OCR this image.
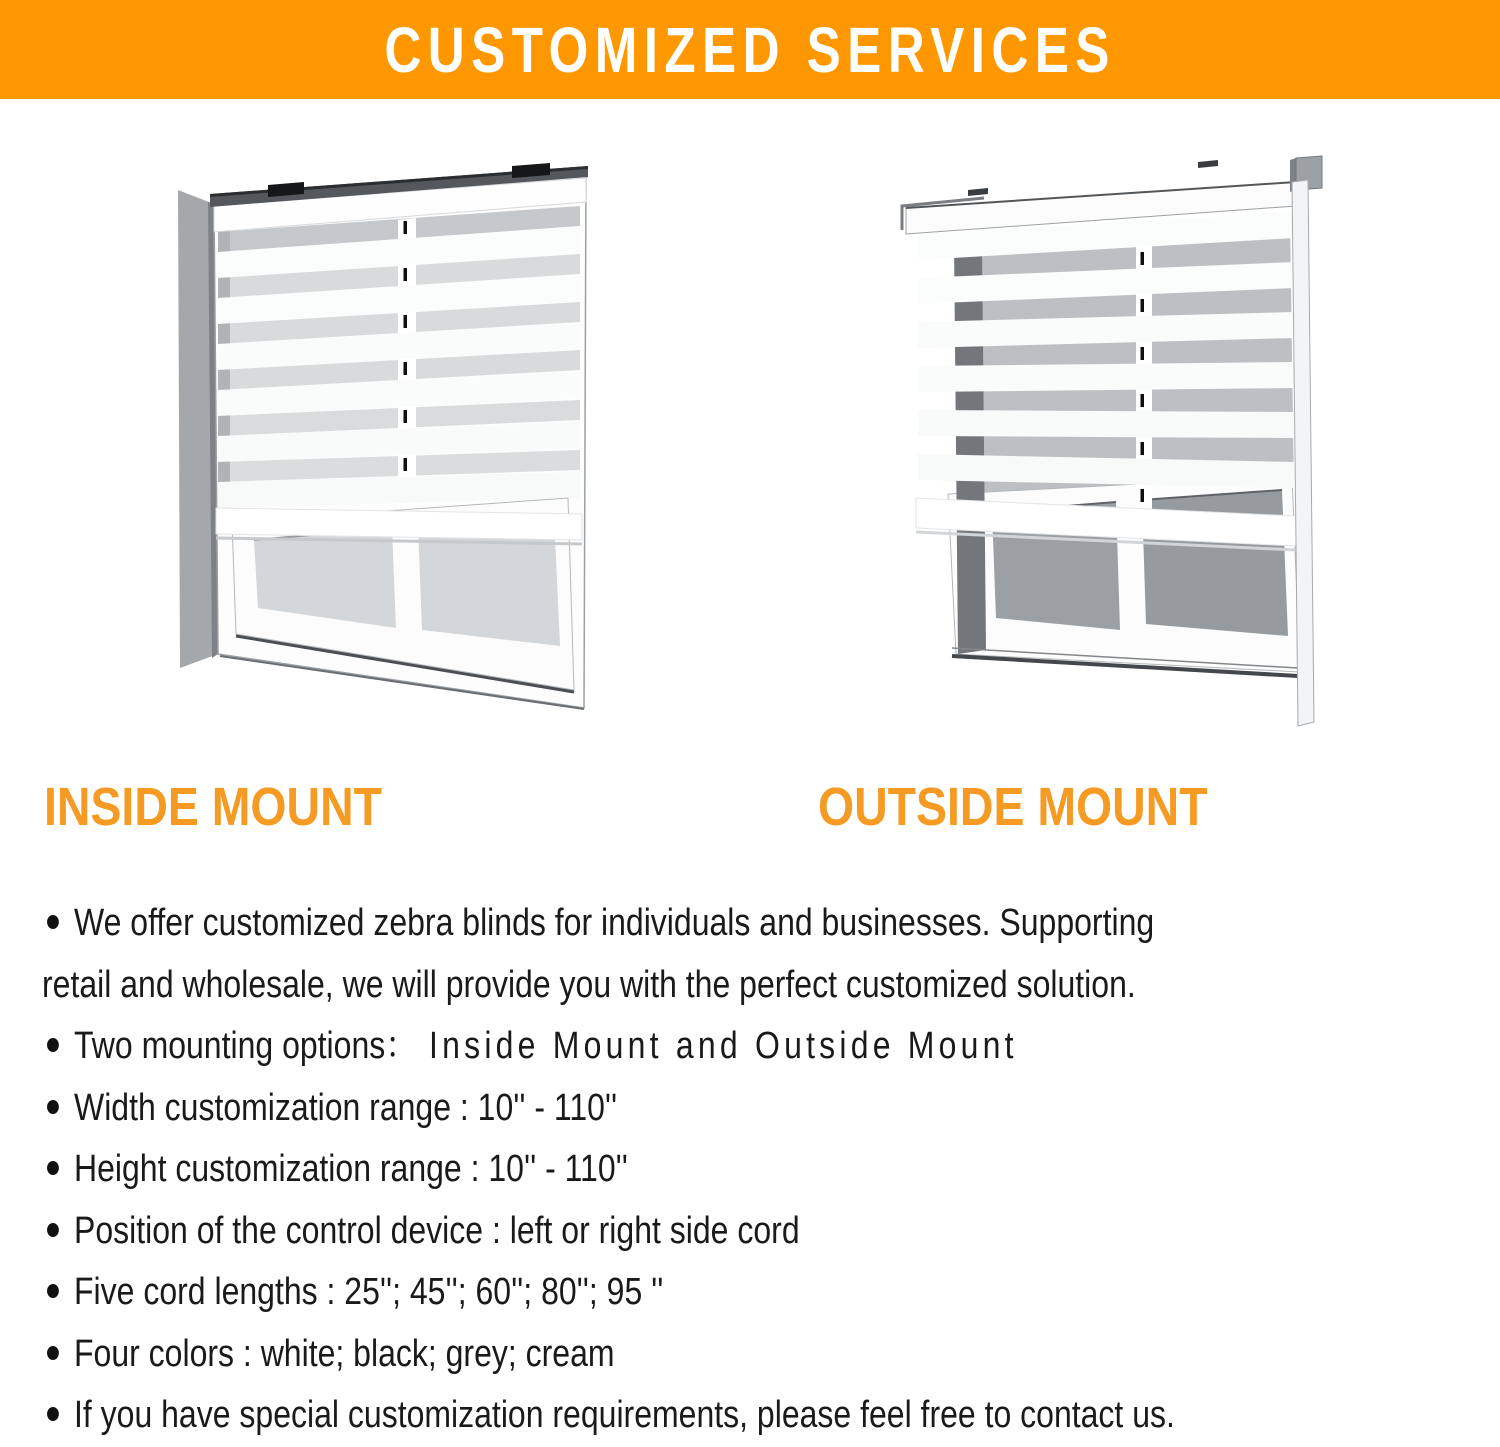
CUSTOMIZED SERVICES
INSIDE MOUNT	OUTSIDE MOUNT

We offer customized zebra blinds for individuals and businesses. Supporting

retail and wholesale, we will provide you with the perfect customized solution.

Two mounting options： Inside Mount and Outside Mount

Width customization range : 10'' - 110''

Height customization range : 10'' - 110''

Position of the control device : left or right side cord

Five cord lengths : 25''; 45''; 60''; 80''; 95 ''

Four colors : white; black; grey; cream

If you have special customization requirements, please feel free to contact us.
